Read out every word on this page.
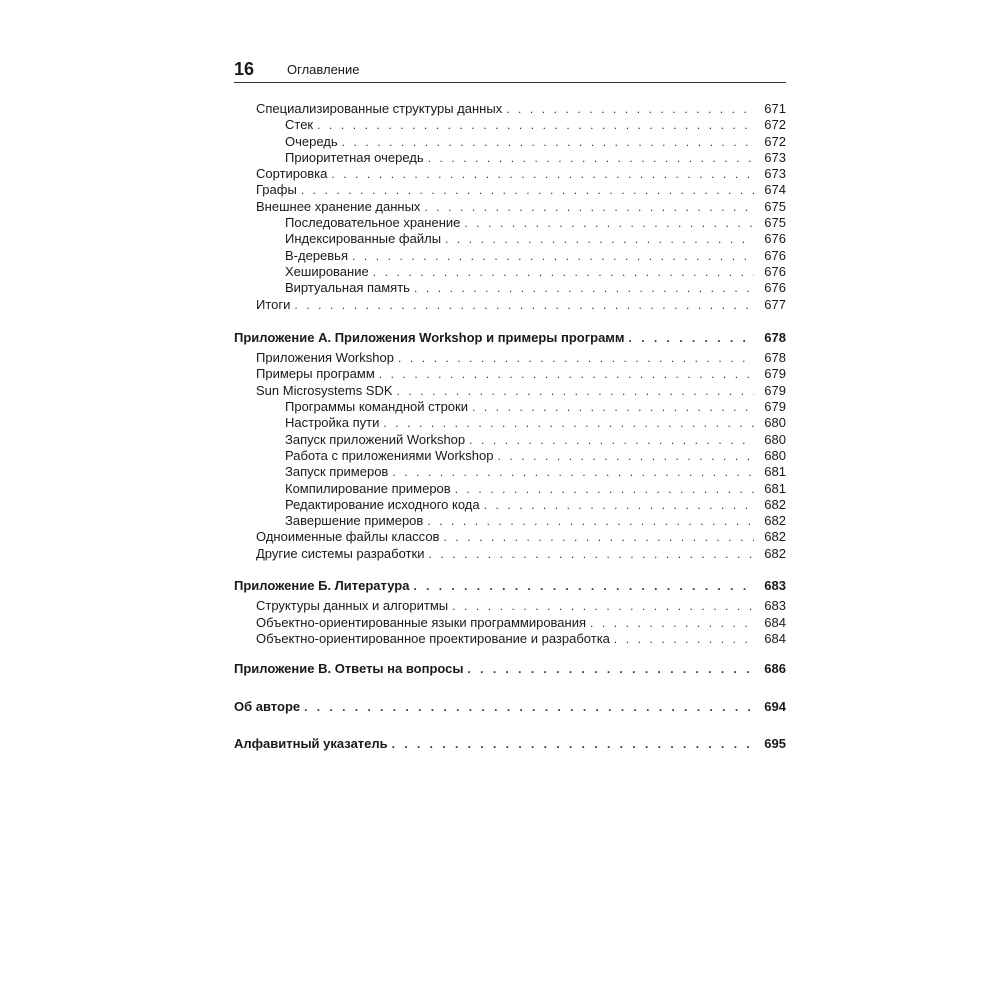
16	Оглавление
Специализированные структуры данных . . .	671
Стек . . .	672
Очередь . . .	672
Приоритетная очередь . . .	673
Сортировка . . .	673
Графы . . .	674
Внешнее хранение данных . . .	675
Последовательное хранение . . .	675
Индексированные файлы . . .	676
B-деревья . . .	676
Хеширование . . .	676
Виртуальная память . . .	676
Итоги . . .	677
Приложение А. Приложения Workshop и примеры программ . . .	678
Приложения Workshop . . .	678
Примеры программ . . .	679
Sun Microsystems SDK . . .	679
Программы командной строки . . .	679
Настройка пути . . .	680
Запуск приложений Workshop . . .	680
Работа с приложениями Workshop . . .	680
Запуск примеров . . .	681
Компилирование примеров . . .	681
Редактирование исходного кода . . .	682
Завершение примеров . . .	682
Одноименные файлы классов . . .	682
Другие системы разработки . . .	682
Приложение Б. Литература . . .	683
Структуры данных и алгоритмы . . .	683
Объектно-ориентированные языки программирования . . .	684
Объектно-ориентированное проектирование и разработка . . .	684
Приложение В. Ответы на вопросы . . .	686
Об авторе . . .	694
Алфавитный указатель . . .	695
